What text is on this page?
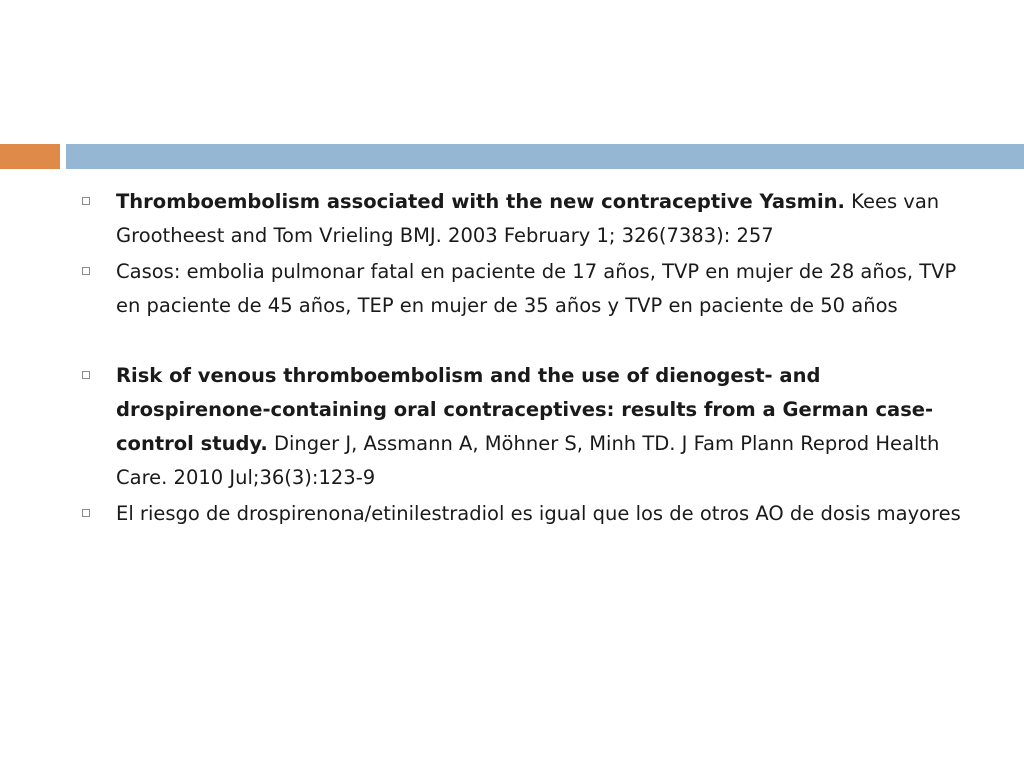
Thromboembolism associated with the new contraceptive Yasmin. Kees van Grootheest and Tom Vrieling BMJ. 2003 February 1; 326(7383): 257
Casos: embolia pulmonar fatal en paciente de 17 años, TVP en mujer de 28 años, TVP en paciente de 45 años, TEP en mujer de 35 años y TVP en paciente de 50 años
Risk of venous thromboembolism and the use of dienogest- and drospirenone-containing oral contraceptives: results from a German case-control study. Dinger J, Assmann A, Möhner S, Minh TD. J Fam Plann Reprod Health Care. 2010 Jul;36(3):123-9
El riesgo de drospirenona/etinilestradiol es igual que los de otros AO de dosis mayores
